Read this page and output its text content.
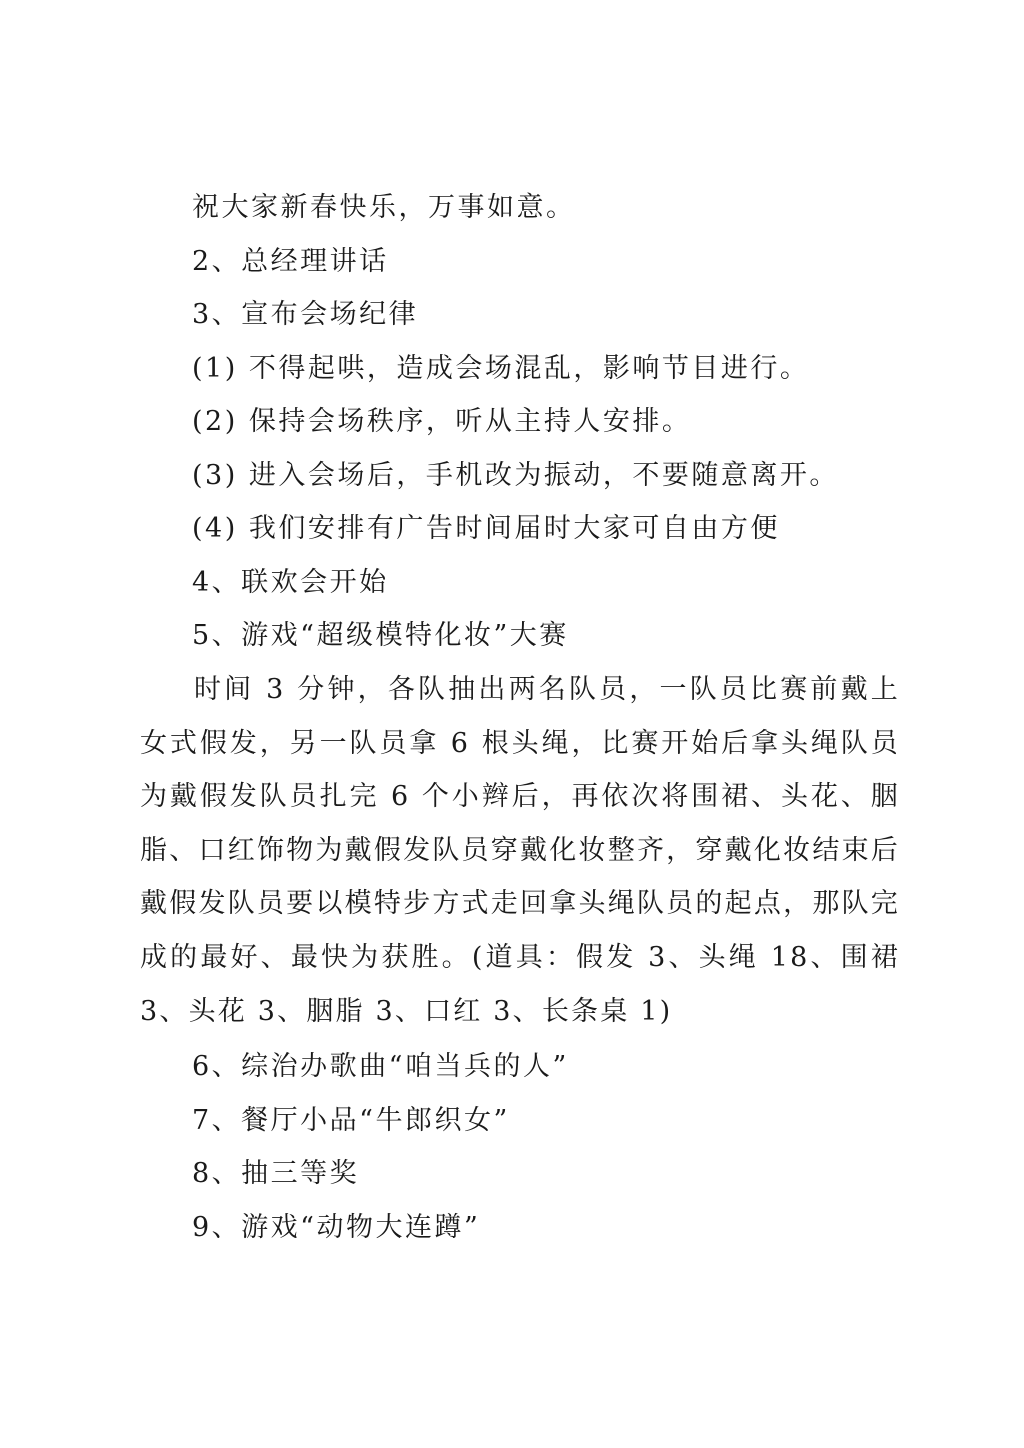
祝大家新春快乐，万事如意。
2、总经理讲话
3、宣布会场纪律
(1) 不得起哄，造成会场混乱，影响节目进行。
(2) 保持会场秩序，听从主持人安排。
(3) 进入会场后，手机改为振动，不要随意离开。
(4) 我们安排有广告时间届时大家可自由方便
4、联欢会开始
5、游戏“超级模特化妆”大赛
时间 3 分钟，各队抽出两名队员，一队员比赛前戴上女式假发，另一队员拿 6 根头绳，比赛开始后拿头绳队员为戴假发队员扎完 6 个小辫后，再依次将围裙、头花、胭脂、口红饰物为戴假发队员穿戴化妆整齐，穿戴化妆结束后戴假发队员要以模特步方式走回拿头绳队员的起点，那队完成的最好、最快为获胜。(道具：假发 3、头绳 18、围裙 3、头花 3、胭脂 3、口红 3、长条桌 1)
6、综治办歌曲“咱当兵的人”
7、餐厅小品“牛郎织女”
8、抽三等奖
9、游戏“动物大连蹲”
